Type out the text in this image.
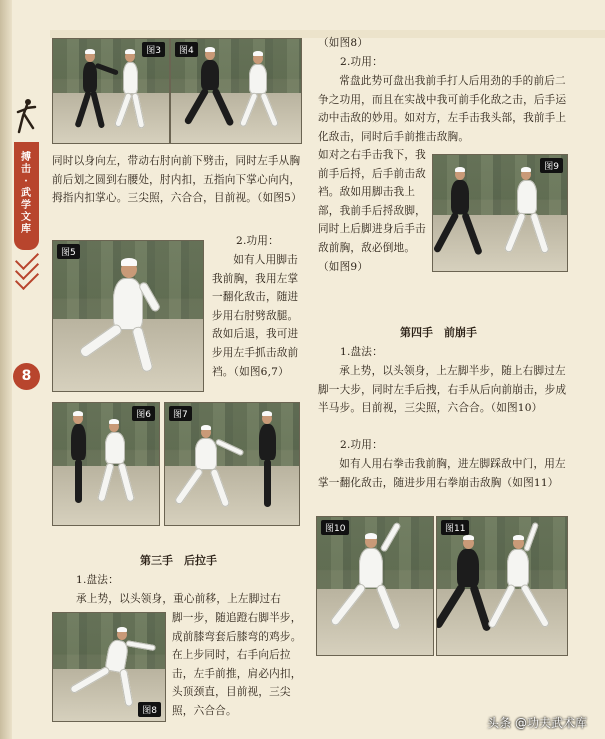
搏击·武学文库
8
图3	图4
同时以身向左，带动右肘向前下劈击，同时左手从胸前后划之圆到右腰处，肘内扣，五指向下掌心向内，拇指内扣掌心。三尖照，六合合，目前视。（如图5）
图5
2.功用：
如有人用脚击我前胸，我用左掌一翻化敌击，随进步用右肘劈敌腿。敌如后退，我可进步用左手抓击敌前裆。（如图6,7）
图6	图7
第三手　后拉手
1.盘法：
承上势，以头领身，重心前移，上左脚过右
图8
脚一步，随追蹬右脚半步，成前膝弯套后膝弯的鸡步。在上步同时，右手向后拉击，左手前推，肩必内扣，头顶颈直，目前视，三尖照，六合合。
（如图8）
2.功用：
常盘此势可盘出我前手打人后用劲的手的前后二争之功用，而且在实战中我可前手化敌之击，后手运动中击敌的妙用。如对方，左手击我头部，我前手上化敌击，同时后手前推击敌胸。
如对之右手击我下，我前手后捋，后手前击敌裆。敌如用脚击我上部，我前手后捋敌脚，同时上后脚进身后手击敌前胸，敌必倒地。（如图9）
图9
第四手　前崩手
1.盘法：
承上势，以头领身，上左脚半步，随上右脚过左脚一大步，同时左手后拽，右手从后向前崩击，步成半马步。目前视，三尖照，六合合。（如图10）
2.功用：
如有人用右拳击我前胸，进左脚踩敌中门，用左掌一翻化敌击，随进步用右拳崩击敌胸（如图11）
图10	图11
头条 @功夫武术库
